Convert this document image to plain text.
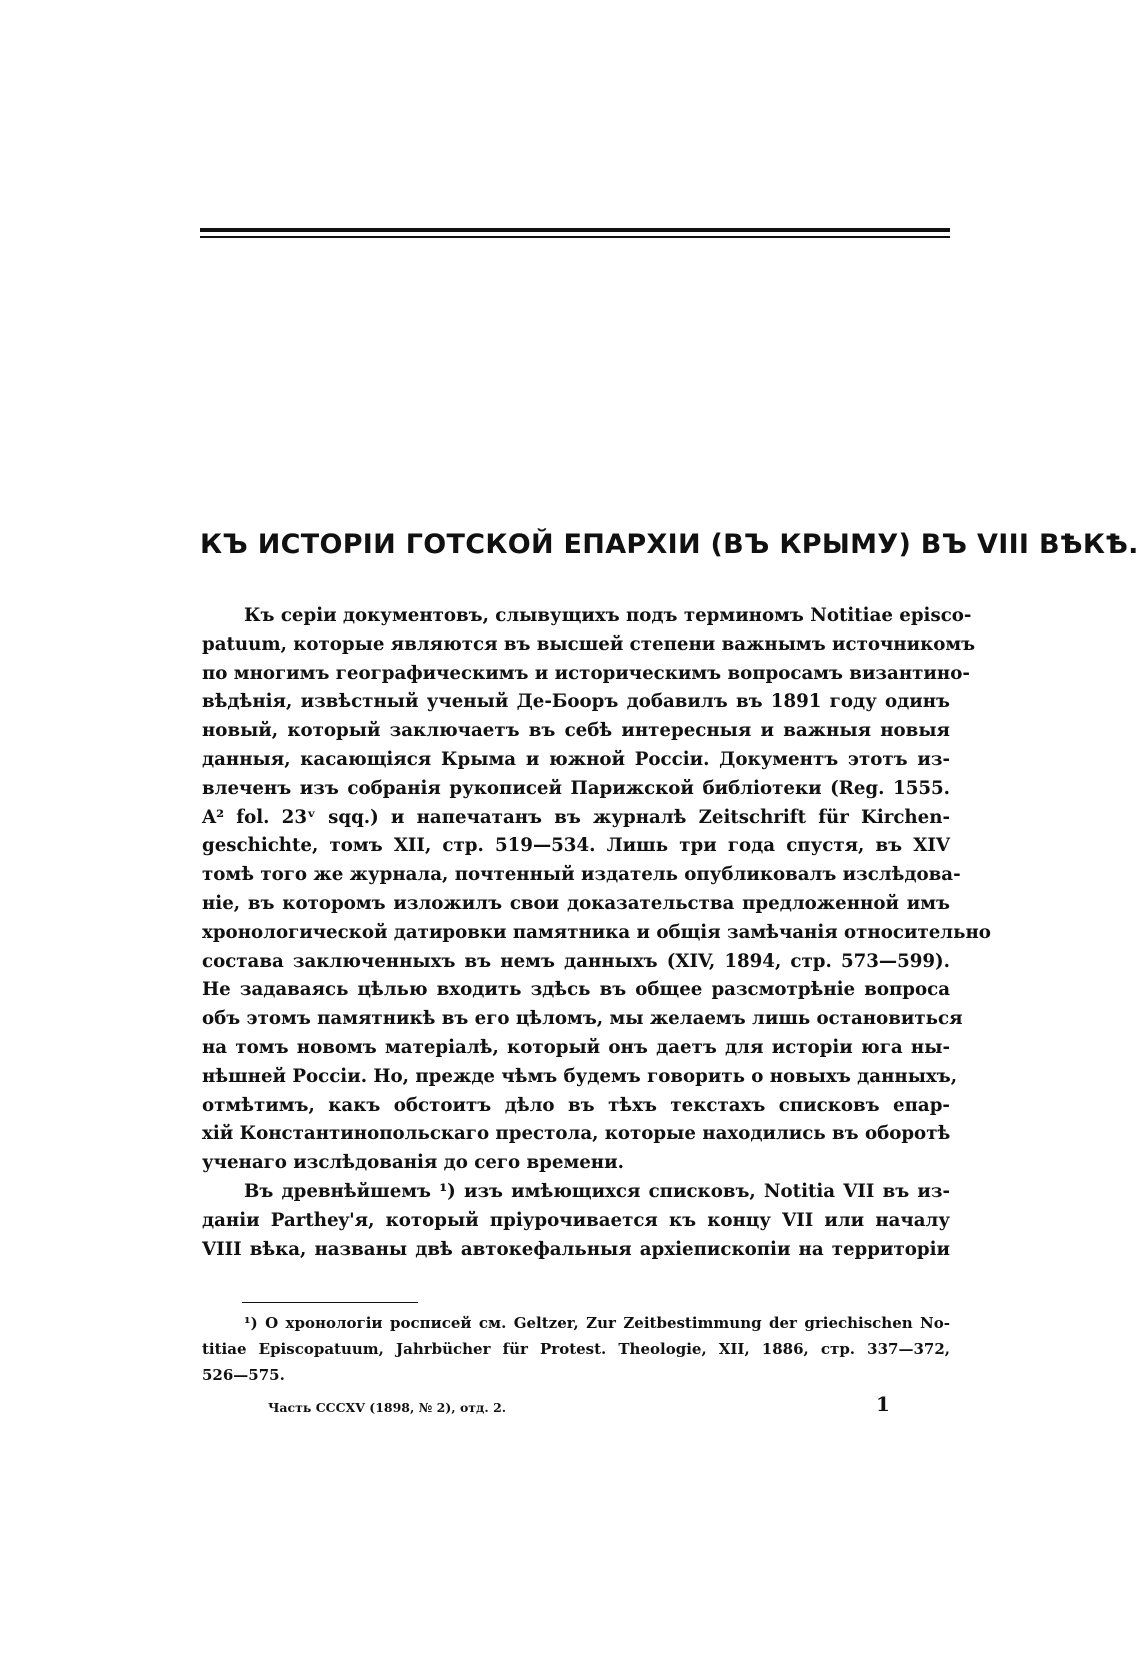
КЪ ИСТОРІИ ГОТСКОЙ ЕПАРХІИ (ВЪ КРЫМУ) ВЪ VIII ВѢКѢ.
Къ серіи документовъ, слывущихъ подъ терминомъ Notitiae episco-
patuum, которые являются въ высшей степени важнымъ источникомъ
по многимъ географическимъ и историческимъ вопросамъ византино-
вѣдѣнія, извѣстный ученый Де-Бооръ добавилъ въ 1891 году одинъ
новый, который заключаетъ въ себѣ интересныя и важныя новыя
данныя, касающіяся Крыма и южной Россіи. Документъ этотъ из-
влеченъ изъ собранія рукописей Парижской библіотеки (Reg. 1555.
A² fol. 23ᵛ sqq.) и напечатанъ въ журналѣ Zeitschrift für Kirchen-
geschichte, томъ XII, стр. 519—534. Лишь три года спустя, въ XIV
томѣ того же журнала, почтенный издатель опубликовалъ изслѣдова-
ніе, въ которомъ изложилъ свои доказательства предложенной имъ
хронологической датировки памятника и общія замѣчанія относительно
состава заключенныхъ въ немъ данныхъ (XIV, 1894, стр. 573—599).
Не задаваясь цѣлью входить здѣсь въ общее разсмотрѣніе вопроса
объ этомъ памятникѣ въ его цѣломъ, мы желаемъ лишь остановиться
на томъ новомъ матеріалѣ, который онъ даетъ для исторіи юга ны-
нѣшней Россіи. Но, прежде чѣмъ будемъ говорить о новыхъ данныхъ,
отмѣтимъ, какъ обстоитъ дѣло въ тѣхъ текстахъ списковъ епар-
хій Константинопольскаго престола, которые находились въ оборотѣ
ученаго изслѣдованія до сего времени.
Въ древнѣйшемъ ¹) изъ имѣющихся списковъ, Notitia VII въ из-
даніи Parthey'я, который пріурочивается къ концу VII или началу
VIII вѣка, названы двѣ автокефальныя архіепископіи на территоріи
¹) О хронологіи росписей см. Geltzer, Zur Zeitbestimmung der griechischen No-
titiae Episcopatuum, Jahrbücher für Protest. Theologie, XII, 1886, стр. 337—372,
526—575.
Часть CCCXV (1898, № 2), отд. 2.	1
